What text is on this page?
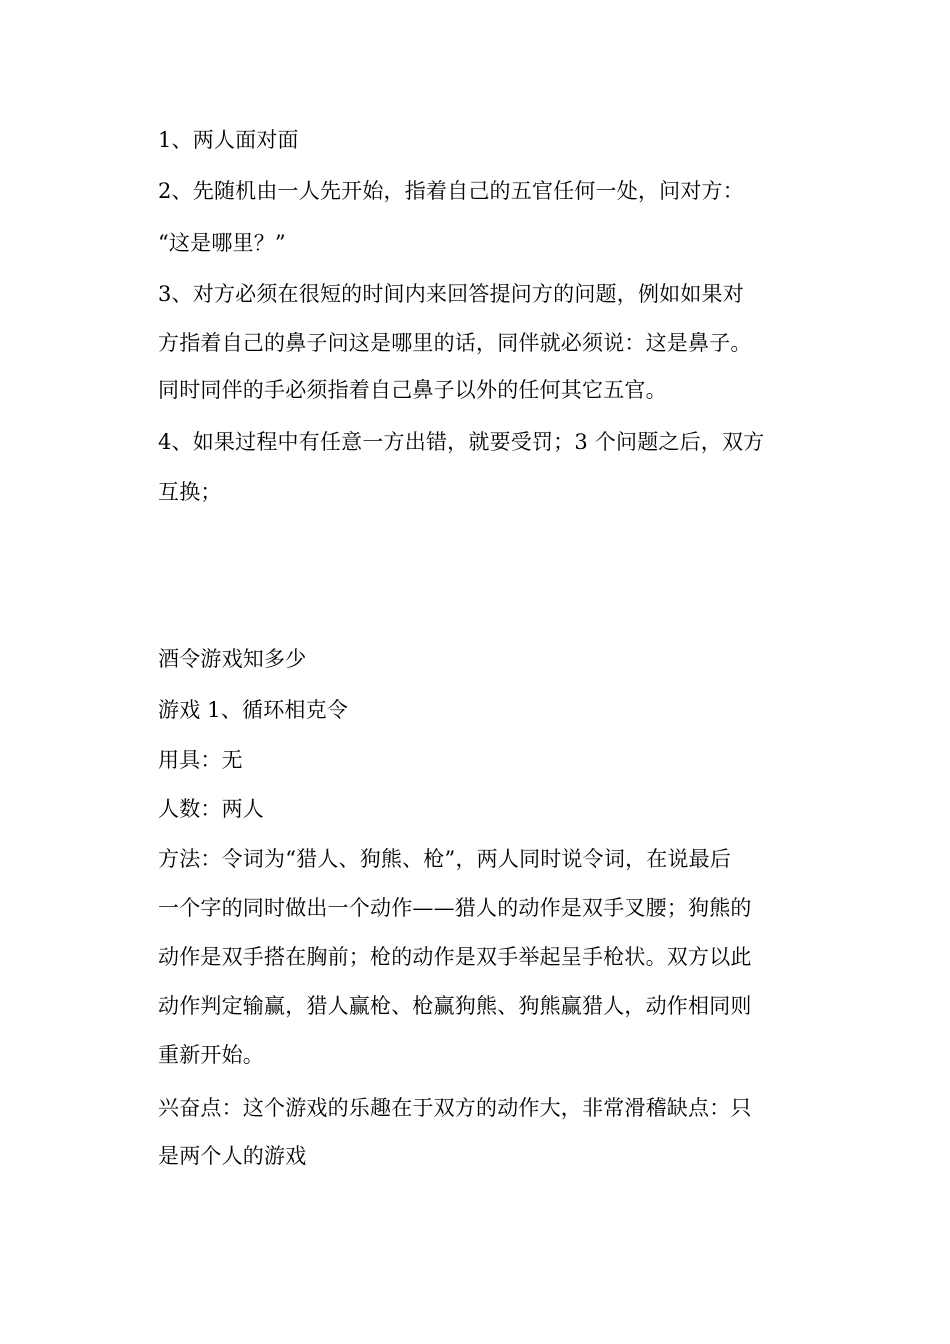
1、两人面对面
2、先随机由一人先开始，指着自己的五官任何一处，问对方：
“这是哪里？”
3、对方必须在很短的时间内来回答提问方的问题，例如如果对
方指着自己的鼻子问这是哪里的话，同伴就必须说：这是鼻子。
同时同伴的手必须指着自己鼻子以外的任何其它五官。
4、如果过程中有任意一方出错，就要受罚；3 个问题之后，双方
互换；
酒令游戏知多少
游戏 1、循环相克令
用具：无
人数：两人
方法：令词为“猎人、狗熊、枪”，两人同时说令词，在说最后
一个字的同时做出一个动作——猎人的动作是双手叉腰；狗熊的
动作是双手搭在胸前；枪的动作是双手举起呈手枪状。双方以此
动作判定输赢，猎人赢枪、枪赢狗熊、狗熊赢猎人，动作相同则
重新开始。
兴奋点：这个游戏的乐趣在于双方的动作大，非常滑稽缺点：只
是两个人的游戏
